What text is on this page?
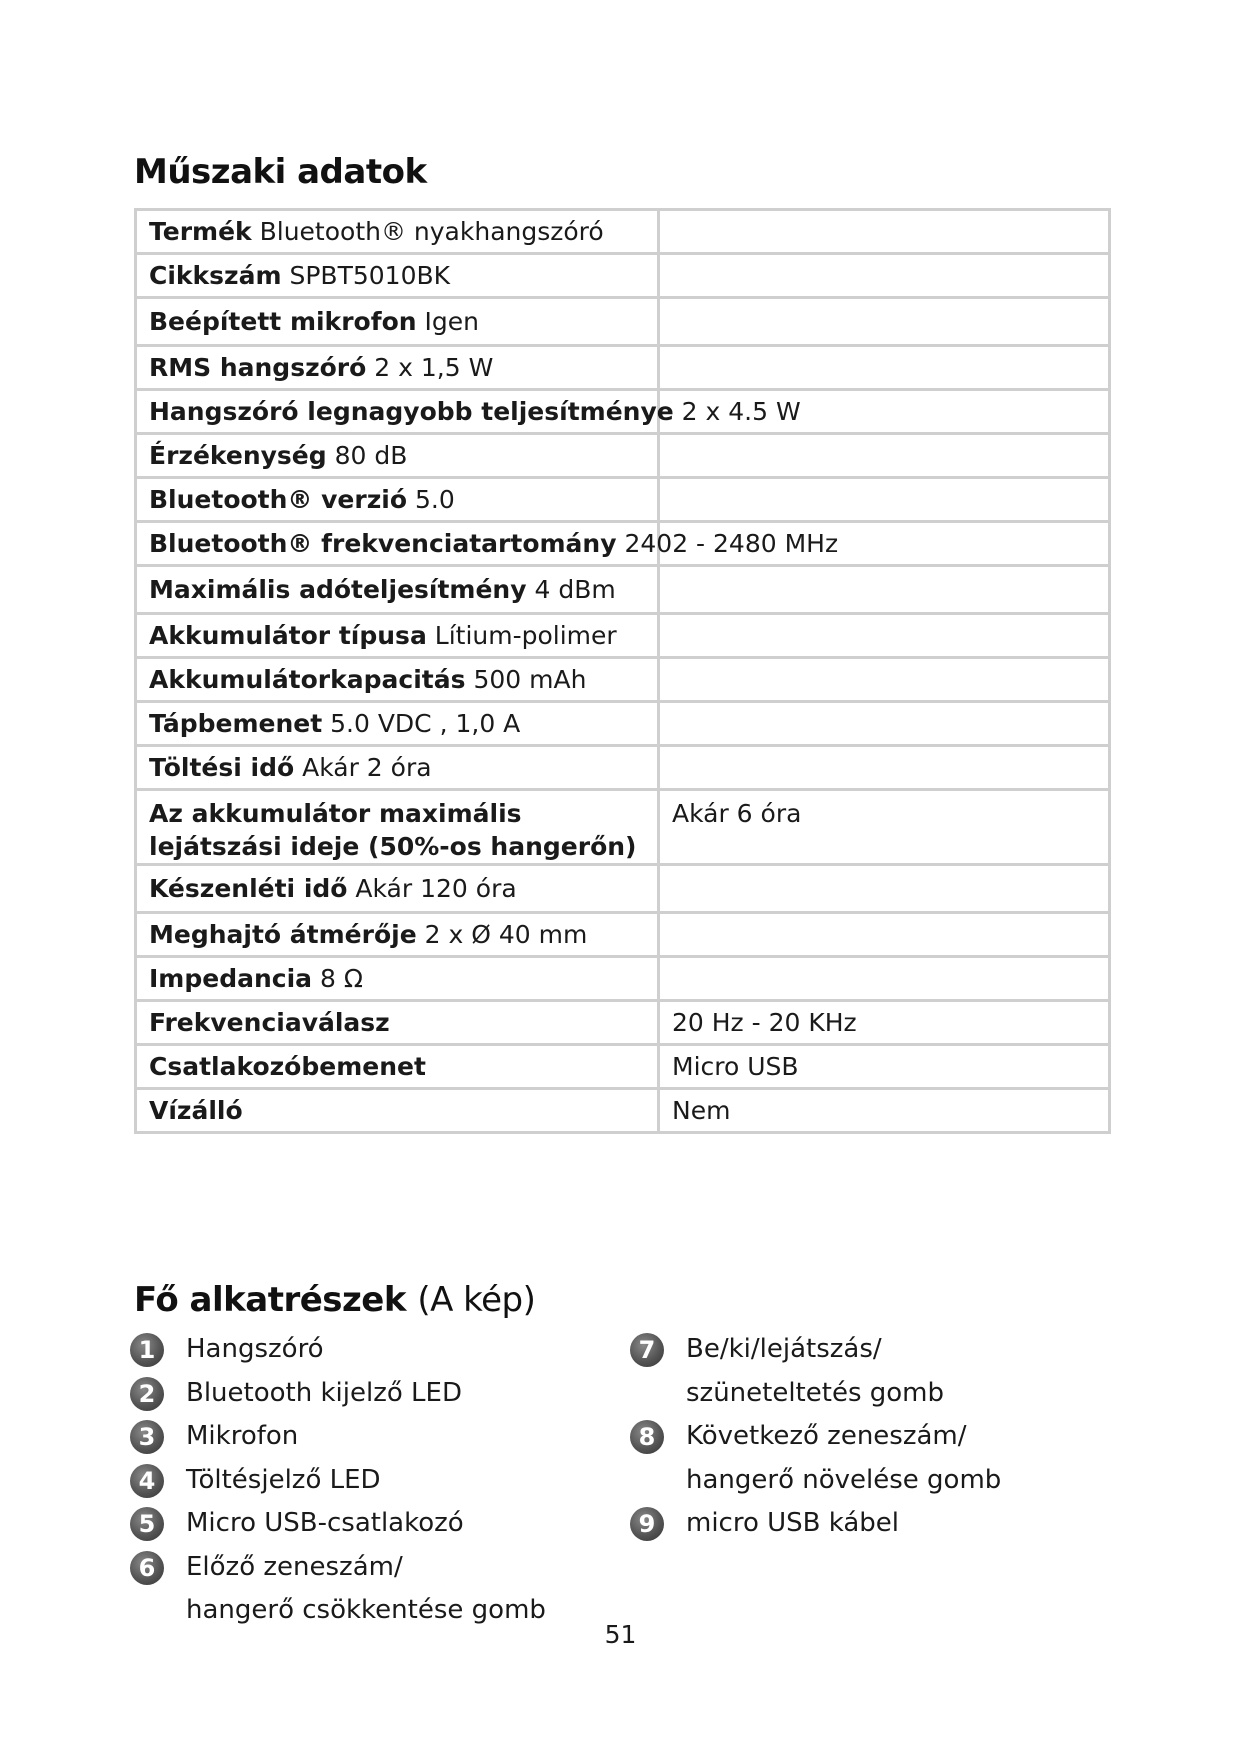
Műszaki adatok
Termék Bluetooth® nyakhangszóró	
Cikkszám SPBT5010BK	
Beépített mikrofon Igen	
RMS hangszóró 2 x 1,5 W	
Hangszóró legnagyobb teljesítménye 2 x 4.5 W	
Érzékenység 80 dB	
Bluetooth® verzió 5.0	
Bluetooth® frekvenciatartomány 2402 - 2480 MHz	
Maximális adóteljesítmény 4 dBm	
Akkumulátor típusa Lítium-polimer	
Akkumulátorkapacitás 500 mAh	
Tápbemenet 5.0 VDC , 1,0 A	
Töltési idő Akár 2 óra	
Az akkumulátor maximális lejátszási ideje (50%-os hangerőn)	Akár 6 óra
Készenléti idő Akár 120 óra	
Meghajtó átmérője 2 x Ø 40 mm	
Impedancia 8 Ω	
Frekvenciaválasz	20 Hz - 20 KHz
Csatlakozóbemenet	Micro USB
Vízálló	Nem
Fő alkatrészek (A kép)
1	Hangszóró
2	Bluetooth kijelző LED
3	Mikrofon
4	Töltésjelző LED
5	Micro USB-csatlakozó
6	Előző zeneszám/
hangerő csökkentése gomb
7	Be/ki/lejátszás/
szüneteltetés gomb
8	Következő zeneszám/
hangerő növelése gomb
9	micro USB kábel
51
